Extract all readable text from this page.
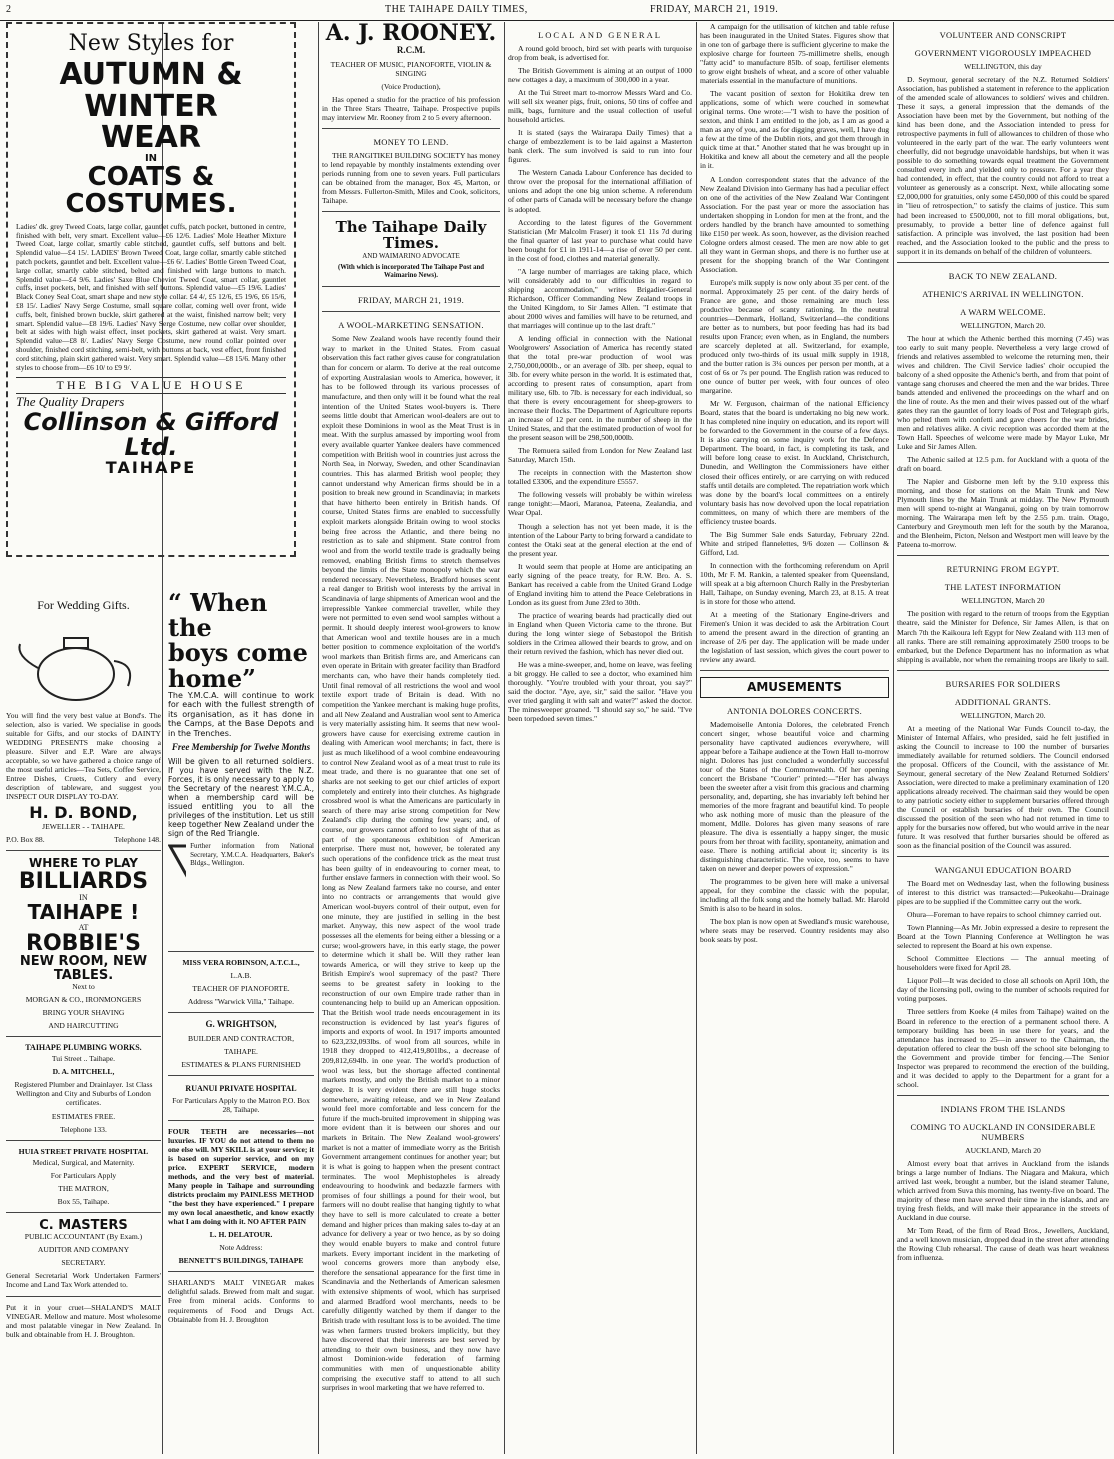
2	THE TAIHAPE DAILY TIMES,	FRIDAY, MARCH 21, 1919.
New Styles for
AUTUMN & WINTER
WEAR
IN
COATS & COSTUMES.

Ladies' dk. grey Tweed Coats, large collar, gauntlet cuffs, patch pocket, buttoned in centre, finished with belt, very smart. Excellent value—£6 12/6. Ladies' Mole Heather Mixture Tweed Coat, large collar, smartly cable stitched, gauntlet cuffs, self buttons and belt. Splendid value—£4 15/. LADIES' Brown Tweed Coat, large collar, smartly cable stitched patch pockets, gauntlet and belt. Excellent value—£6 6/. Ladies' Bottle Green Tweed Coat, large collar, smartly cable stitched, belted and finished with large buttons to match. Splendid value—£4 9/6. Ladies' Saxe Blue Cheviot Tweed Coat, smart collar, gauntlet cuffs, inset pockets, belt, and finished with self buttons. Splendid value—£5 19/6. Ladies' Black Coney Seal Coat, smart shape and new style collar. £4 4/, £5 12/6, £5 19/6, £6 15/6, £8 15/. Ladies' Navy Serge Costume, small square collar, coming well over front, wide cuffs, belt, finished brown buckle, skirt gathered at the waist, finished narrow belt; very smart. Splendid value—£8 19/6. Ladies' Navy Serge Costume, new collar over shoulder, belt at sides with high waist effect, inset pockets, skirt gathered at waist. Very smart. Splendid value—£8 8/. Ladies' Navy Serge Costume, new round collar pointed over shoulder, finished cord stitching, semi-belt, with buttons at back, vest effect, front finished cord stitching, plain skirt gathered waist. Very smart. Splendid value—£8 15/6. Many other styles to choose from—£6 10/ to £9 9/.

THE BIG VALUE HOUSE
The Quality Drapers
Collinson & Gifford Ltd.
TAIHAPE
For Wedding Gifts.

You will find the very best value at Bond's. The selection, also is varied. We specialise in goods suitable for Gifts, and our stocks of DAINTY WEDDING PRESENTS make choosing a pleasure. Silver and E.P. Ware are always acceptable, so we have gathered a choice range of the most useful articles—Tea Sets, Coffee Service, Entree Dishes, Cruets, Cutlery and every description of tableware, and suggest you INSPECT OUR DISPLAY TO-DAY.

H. D. BOND,

JEWELLER - - TAIHAPE.

P.O. Box 88.	Telephone 148.

WHERE TO PLAY
BILLIARDS
IN
TAIHAPE !
AT
ROBBIE'S
NEW ROOM, NEW TABLES.

Next to

MORGAN & CO., IRONMONGERS

BRING YOUR SHAVING

AND HAIRCUTTING

TAIHAPE PLUMBING WORKS.

Tui Street .. Taihape.

D. A. MITCHELL,

Registered Plumber and Drainlayer. 1st Class Wellington and City and Suburbs of London certificates.

ESTIMATES FREE.

Telephone 133.

HUIA STREET PRIVATE HOSPITAL

Medical, Surgical, and Maternity.

For Particulars Apply

THE MATRON,

Box 55, Taihape.

C. MASTERS

PUBLIC ACCOUNTANT (By Exam.)

AUDITOR AND COMPANY

SECRETARY.

General Secretarial Work Undertaken Farmers' Income and Land Tax Work attended to.

Put it in your cruet—SHALAND'S MALT VINEGAR. Mellow and mature. Most wholesome and most palatable vinegar in New Zealand. In bulk and obtainable from H. J. Broughton.

“ When the
boys come
home”

The Y.M.C.A. will continue to work for each with the fullest strength of its organisation, as it has done in the Camps, at the Base Depots and in the Trenches.

Free Membership for Twelve Months

Will be given to all returned soldiers. If you have served with the N.Z. Forces, it is only necessary to apply to the Secretary of the nearest Y.M.C.A., when a membership card will be issued entitling you to all the privileges of the institution. Let us still keep together New Zealand under the sign of the Red Triangle.

Further information from National Secretary, Y.M.C.A. Headquarters, Baker's Bldgs., Wellington.

A. J. ROONEY.

R.C.M.

TEACHER OF MUSIC, PIANOFORTE, VIOLIN & SINGING

(Voice Production),

Has opened a studio for the practice of his profession in the Three Stars Theatre, Taihape. Prospective pupils may interview Mr. Rooney from 2 to 5 every afternoon.

MONEY TO LEND.

THE RANGITIKEI BUILDING SOCIETY has money to lend repayable by monthly instalments extending over periods running from one to seven years. Full particulars can be obtained from the manager, Box 45, Marton, or from Messrs. Fullerton-Smith, Miles and Cook, solicitors, Taihape.

The Taihape Daily Times.

AND WAIMARINO ADVOCATE

(With which is incorporated The Taihape Post and Waimarino News).

FRIDAY, MARCH 21, 1919.
A WOOL-MARKETING SENSATION.

Some New Zealand wools have recently found their way to market in the United States. From casual observation this fact rather gives cause for congratulation than for concern or alarm. To derive at the real outcome of exporting Australasian wools to America, however, it has to be followed through its various processes of manufacture, and then only will it be found what the real intention of the United States wool-buyers is. There seems little doubt that American wool-dealers are out to exploit these Dominions in wool as the Meat Trust is in meat. With the surplus amassed by importing wool from every available quarter Yankee dealers have commenced competition with British wool in countries just across the North Sea, in Norway, Sweden, and other Scandinavian countries. This has alarmed British wool people; they cannot understand why American firms should be in a position to break new ground in Scandinavia; in markets that have hitherto been entirely in British hands. Of course, United States firms are enabled to successfully exploit markets alongside Britain owing to wool stocks being free across the Atlantic, and there being no restriction as to sale and shipment. State control from wool and from the world textile trade is gradually being removed, enabling British firms to stretch themselves beyond the limits of the State monopoly which the war rendered necessary. Nevertheless, Bradford houses scent a real danger to British wool interests by the arrival in Scandinavia of large shipments of American wool and the irrepressible Yankee commercial traveller, while they were not permitted to even send wool samples without a permit. It should deeply interest wool-growers to know that American wool and textile houses are in a much better position to commence exploitation of the world's wool markets than British firms are, and Americans can even operate in Britain with greater facility than Bradford merchants can, who have their hands completely tied. Until final removal of all restrictions the wool and wool textile export trade of Britain is dead. With no competition the Yankee merchant is making huge profits, and all New Zealand and Australian wool sent to America is very materially assisting him. It seems that new wool-growers have cause for exercising extreme caution in dealing with American wool merchants; in fact, there is just as much likelihood of a wool combine endeavouring to control New Zealand wool as of a meat trust to rule its meat trade, and there is no guarantee that one set of sharks are not seeking to get our chief articles of export completely and entirely into their clutches. As highgrade crossbred wool is what the Americans are particularly in search of there may arise strong competition for New Zealand's clip during the coming few years; and, of course, our growers cannot afford to lost sight of that as part of the spontaneous exhibition of American enterprise. There must not, however, be tolerated any such operations of the confidence trick as the meat trust has been guilty of in endeavouring to corner meat, to further enslave farmers in connection with their wool. So long as New Zealand farmers take no course, and enter into no contracts or arrangements that would give American wool-buyers control of their output, even for one minute, they are justified in selling in the best market. Anyway, this new aspect of the wool trade possesses all the elements for being either a blessing or a curse; wool-growers have, in this early stage, the power to determine which it shall be. Will they rather lean towards America, or will they strive to keep up the British Empire's wool supremacy of the past? There seems to be greatest safety in looking to the reconstruction of our own Empire trade rather than in countenancing help to build up an American opposition. That the British wool trade needs encouragement in its reconstruction is evidenced by last year's figures of imports and exports of wool. In 1917 imports amounted to 623,232,093lbs. of wool from all sources, while in 1918 they dropped to 412,419,801lbs., a decrease of 209,812,694lb. in one year. The world's production of wool was less, but the shortage affected continental markets mostly, and only the British market to a minor degree. It is very evident there are still huge stocks somewhere, awaiting release, and we in New Zealand would feel more comfortable and less concern for the future if the much-bruited improvement in shipping was more evident than it is between our shores and our markets in Britain. The New Zealand wool-growers' market is not a matter of immediate worry as the British Government arrangement continues for another year; but it is what is going to happen when the present contract terminates. The wool Mephistopheles is already endeavouring to hoodwink and bedazzle farmers with promises of four shillings a pound for their wool, but farmers will no doubt realise that hanging tightly to what they have to sell is more calculated to create a better demand and higher prices than making sales to-day at an advance for delivery a year or two hence, as by so doing they would enable buyers to make and control future markets. Every important incident in the marketing of wool concerns growers more than anybody else, therefore the sensational appearance for the first time in Scandinavia and the Netherlands of American salesmen with extensive shipments of wool, which has surprised and alarmed Bradford wool merchants, needs to be carefully diligently watched by them if danger to the British trade with resultant loss is to be avoided. The time was when farmers trusted brokers implicitly, but they have discovered that their interests are best served by attending to their own business, and they now have almost Dominion-wide federation of farming communities with men of unquestionable ability comprising the executive staff to attend to all such surprises in wool marketing that we have referred to.

MISS VERA ROBINSON, A.T.C.L.,

L.A.B.

TEACHER OF PIANOFORTE.

Address "Warwick Villa," Taihape.

G. WRIGHTSON,

BUILDER AND CONTRACTOR,

TAIHAPE.

ESTIMATES & PLANS FURNISHED

RUANUI PRIVATE HOSPITAL

For Particulars Apply to the Matron P.O. Box 28, Taihape.

FOUR TEETH are necessaries—not luxuries. IF YOU do not attend to them no one else will. MY SKILL is at your service; it is based on superior service, and on my price. EXPERT SERVICE, modern methods, and the very best of material. Many people in Taihape and surrounding districts proclaim my PAINLESS METHOD "the best they have experienced." I prepare my own local anaesthetic, and know exactly what I am doing with it. NO AFTER PAIN

L. H. DELATOUR.

Note Address:

BENNETT'S BUILDINGS, TAIHAPE

SHARLAND'S MALT VINEGAR makes delightful salads. Brewed from malt and sugar. Free from mineral acids. Conforms to requirements of Food and Drugs Act. Obtainable from H. J. Broughton

LOCAL AND GENERAL

A round gold brooch, bird set with pearls with turquoise drop from beak, is advertised for.

The British Government is aiming at an output of 1000 new cottages a day, a maximum of 300,000 in a year.

At the Tui Street mart to-morrow Messrs Ward and Co. will sell six weaner pigs, fruit, onions, 50 tins of coffee and milk, bags, furniture and the usual collection of useful household articles.

It is stated (says the Wairarapa Daily Times) that a charge of embezzlement is to be laid against a Masterton bank clerk. The sum involved is said to run into four figures.

The Western Canada Labour Conference has decided to throw over the proposal for the international affiliation of unions and adopt the one big union scheme. A referendum of other parts of Canada will be necessary before the change is adopted.

According to the latest figures of the Government Statistician (Mr Malcolm Fraser) it took £1 11s 7d during the final quarter of last year to purchase what could have been bought for £1 in 1911-14—a rise of over 50 per cent. in the cost of food, clothes and material generally.

"A large number of marriages are taking place, which will considerably add to our difficulties in regard to shipping accommodation," writes Brigadier-General Richardson, Officer Commanding New Zealand troops in the United Kingdom, to Sir James Allen. "I estimate that about 2000 wives and families will have to be returned, and that marriages will continue up to the last draft."

A lending official in connection with the National Woolgrowers' Association of America has recently stated that the total pre-war production of wool was 2,750,000,000lb., or an average of 3lb. per sheep, equal to 3lb. for every white person in the world. It is estimated that, according to present rates of consumption, apart from military use, 6lb. to 7lb. is necessary for each individual, so that there is every encouragement for sheep-growers to increase their flocks. The Department of Agriculture reports an increase of 12 per cent. in the number of sheep in the United States, and that the estimated production of wool for the present season will be 298,500,000lb.

The Remuera sailed from London for New Zealand last Saturday, March 15th.

The receipts in connection with the Masterton show totalled £3306, and the expenditure £5557.

The following vessels will probably be within wireless range tonight:—Maori, Maranoa, Pateena, Zealandia, and Wear Opal.

Though a selection has not yet been made, it is the intention of the Labour Party to bring forward a candidate to contest the Otaki seat at the general election at the end of the present year.

It would seem that people at Home are anticipating an early signing of the peace treaty, for R.W. Bro. A. S. Bankart has received a cable from the United Grand Lodge of England inviting him to attend the Peace Celebrations in London as its guest from June 23rd to 30th.

The practice of wearing beards had practically died out in England when Queen Victoria came to the throne. But during the long winter siege of Sebastopol the British soldiers in the Crimea allowed their beards to grow, and on their return revived the fashion, which has never died out.

He was a mine-sweeper, and, home on leave, was feeling a bit groggy. He called to see a doctor, who examined him thoroughly. "You're troubled with your throat, you say?" said the doctor. "Aye, aye, sir," said the sailor. "Have you ever tried gargling it with salt and water?" asked the doctor. The minesweeper groaned. "I should say so," he said. "I've been torpedoed seven times."

A campaign for the utilisation of kitchen and table refuse has been inaugurated in the United States. Figures show that in one ton of garbage there is sufficient glycerine to make the explosive charge for fourteen 75-millimetre shells, enough "fatty acid" to manufacture 85lb. of soap, fertiliser elements to grow eight bushels of wheat, and a score of other valuable materials essential in the manufacture of munitions.

The vacant position of sexton for Hokitika drew ten applications, some of which were couched in somewhat original terms. One wrote:—"I wish to have the position of sexton, and think I am entitled to the job, as I am as good a man as any of you, and as for digging graves, well, I have dug a few at the time of the Dublin riots, and got them through in quick time at that." Another stated that he was brought up in Hokitika and knew all about the cemetery and all the people in it.

A London correspondent states that the advance of the New Zealand Division into Germany has had a peculiar effect on one of the activities of the New Zealand War Contingent Association. For the past year or more the association has undertaken shopping in London for men at the front, and the orders handled by the branch have amounted to something like £150 per week. As soon, however, as the division reached Cologne orders almost ceased. The men are now able to get all they want in German shops, and there is no further use at present for the shopping branch of the War Contingent Association.

Europe's milk supply is now only about 35 per cent. of the normal. Approximately 25 per cent. of the dairy herds of France are gone, and those remaining are much less productive because of scanty rationing. In the neutral countries—Denmark, Holland, Switzerland—the conditions are better as to numbers, but poor feeding has had its bad results upon France; even when, as in England, the numbers are scarcely depleted at all. Switzerland, for example, produced only two-thirds of its usual milk supply in 1918, and the butter ration is 3¼ ounces per person per month, at a cost of 6s or 7s per pound. The English ration was reduced to one ounce of butter per week, with four ounces of oleo margarine.

Mr W. Ferguson, chairman of the national Efficiency Board, states that the board is undertaking no big new work. It has completed nine inquiry on education, and its report will be forwarded to the Government in the course of a few days. It is also carrying on some inquiry work for the Defence Department. The board, in fact, is completing its task, and will before long cease to exist. In Auckland, Christchurch, Dunedin, and Wellington the Commissioners have either closed their offices entirely, or are carrying on with reduced staffs until details are completed. The repatriation work which was done by the board's local committees on a entirely voluntary basis has now devolved upon the local repatriation committees, on many of which there are members of the efficiency trustee boards.

The Big Summer Sale ends Saturday, February 22nd. White and striped flannelettes, 9/6 dozen — Collinson & Gifford, Ltd.

In connection with the forthcoming referendum on April 10th, Mr F. M. Rankin, a talented speaker from Queensland, will speak at a big afternoon Church Rally in the Presbyterian Hall, Taihape, on Sunday evening, March 23, at 8.15. A treat is in store for those who attend.

At a meeting of the Stationary Engine-drivers and Firemen's Union it was decided to ask the Arbitration Court to amend the present award in the direction of granting an increase of 2/6 per day. The application will be made under the legislation of last session, which gives the court power to review any award.

AMUSEMENTS
ANTONIA DOLORES CONCERTS.

Mademoiselle Antonia Dolores, the celebrated French concert singer, whose beautiful voice and charming personality have captivated audiences everywhere, will appear before a Taihape audience at the Town Hall to-morrow night. Dolores has just concluded a wonderfully successful tour of the States of the Commonwealth. Of her opening concert the Brisbane "Courier" printed:—"Her has always been the sweeter after a visit from this gracious and charming personality, and, departing, she has invariably left behind her memories of the more fragrant and beautiful kind. To people who ask nothing more of music than the pleasure of the moment, Mdlle. Dolores has given many seasons of rare pleasure. The diva is essentially a happy singer, the music pours from her throat with facility, spontaneity, animation and ease. There is nothing artificial about it; sincerity is its distinguishing characteristic. The voice, too, seems to have taken on newer and deeper powers of expression."

The programmes to be given here will make a universal appeal, for they combine the classic with the popular, including all the folk song and the homely ballad. Mr. Harold Smith is also to be heard in solos.

The box plan is now open at Swedland's music warehouse, where seats may be reserved. Country residents may also book seats by post.

VOLUNTEER AND CONSCRIPT
GOVERNMENT VIGOROUSLY IMPEACHED

WELLINGTON, this day

D. Seymour, general secretary of the N.Z. Returned Soldiers' Association, has published a statement in reference to the application of the amended scale of allowances to soldiers' wives and children. These it says, a general impression that the demands of the Association have been met by the Government, but nothing of the kind has been done, and the Association intended to press for retrospective payments in full of allowances to children of those who volunteered in the early part of the war. The early volunteers went cheerfully, did not begrudge unavoidable hardships, but when it was possible to do something towards equal treatment the Government consulted every inch and yielded only to pressure. For a year they had contended, in effect, that the country could not afford to treat a volunteer as generously as a conscript. Next, while allocating some £2,000,000 for gratuities, only some £450,000 of this could be spared in "lieu of retrospection," to satisfy the claims of justice. This sum had been increased to £500,000, not to fill moral obligations, but, presumably, to provide a better line of defence against full satisfaction. A principle was involved, the last position had been reached, and the Association looked to the public and the press to support it in its demands on behalf of the children of volunteers.

BACK TO NEW ZEALAND.
ATHENIC'S ARRIVAL IN WELLINGTON.
A WARM WELCOME.

WELLINGTON, March 20.

The hour at which the Athenic berthed this morning (7.45) was too early to suit many people. Nevertheless a very large crowd of friends and relatives assembled to welcome the returning men, their wives and children. The Civil Service ladies' choir occupied the balcony of a shed opposite the Athenic's berth, and from that point of vantage sang choruses and cheered the men and the war brides. Three bands attended and enlivened the proceedings on the wharf and on the line of route. As the men and their wives passed out of the wharf gates they ran the gauntlet of lorry loads of Post and Telegraph girls, who pelted them with confetti and gave cheers for the war brides, men and relatives alike. A civic reception was accorded them at the Town Hall. Speeches of welcome were made by Mayor Luke, Mr Luke and Sir James Allen.

The Athenic sailed at 12.5 p.m. for Auckland with a quota of the draft on board.

The Napier and Gisborne men left by the 9.10 express this morning, and those for stations on the Main Trunk and New Plymouth lines by the Main Trunk at midday. The New Plymouth men will spend to-night at Wanganui, going on by train tomorrow morning. The Wairarapa men left by the 2.55 p.m. train. Otago, Canterbury and Greymouth men left for the south by the Maranoa, and the Blenheim, Picton, Nelson and Westport men will leave by the Pateena to-morrow.

RETURNING FROM EGYPT.
THE LATEST INFORMATION

WELLINGTON, March 20

The position with regard to the return of troops from the Egyptian theatre, said the Minister for Defence, Sir James Allen, is that on March 7th the Kaikoura left Egypt for New Zealand with 113 men of all ranks. There are still remaining approximately 2500 troops to be embarked, but the Defence Department has no information as what shipping is available, nor when the remaining troops are likely to sail.

BURSARIES FOR SOLDIERS
ADDITIONAL GRANTS.

WELLINGTON, March 20.

At a meeting of the National War Funds Council to-day, the Minister of Internal Affairs, who presided, said he felt justified in asking the Council to increase to 100 the number of bursaries immediately available for returned soldiers. The Council endorsed the proposal. Officers of the Council, with the assistance of Mr. Seymour, general secretary of the New Zealand Returned Soldiers' Association, were directed to make a preliminary examination of 120 applications already received. The chairman said they would be open to any patriotic society either to supplement bursaries offered through the Council or establish bursaries of their own. The Council discussed the position of the seen who had not returned in time to apply for the bursaries now offered, but who would arrive in the near future. It was resolved that further bursaries should be offered as soon as the financial position of the Council was assured.

WANGANUI EDUCATION BOARD

The Board met on Wednesday last, when the following business of interest to this district was transacted:—Pukeokahu—Drainage pipes are to be supplied if the Committee carry out the work.

Ohura—Foreman to have repairs to school chimney carried out.

Town Planning—As Mr. Jobin expressed a desire to represent the Board at the Town Planning Conference at Wellington he was selected to represent the Board at his own expense.

School Committee Elections — The annual meeting of householders were fixed for April 28.

Liquor Poll—It was decided to close all schools on April 10th, the day of the licensing poll, owing to the number of schools required for voting purposes.

Three settlers from Koeke (4 miles from Taihape) waited on the Board in reference to the erection of a permanent school there. A temporary building has been in use there for years, and the attendance has increased to 25—in answer to the Chairman, the deputation offered to clear the bush off the school site belonging to the Government and provide timber for fencing.—The Senior Inspector was prepared to recommend the erection of the building, and it was decided to apply to the Department for a grant for a school.

INDIANS FROM THE ISLANDS
COMING TO AUCKLAND IN CONSIDERABLE NUMBERS

AUCKLAND, March 20

Almost every boat that arrives in Auckland from the islands brings a large number of Indians. The Niagara and Makura, which arrived last week, brought a number, but the island steamer Talune, which arrived from Suva this morning, has twenty-five on board. The majority of these men have served their time in the islands, and are trying fresh fields, and will make their appearance in the streets of Auckland in due course.

Mr Tom Read, of the firm of Read Bros., Jewellers, Auckland, and a well known musician, dropped dead in the street after attending the Rowing Club rehearsal. The cause of death was heart weakness from influenza.
